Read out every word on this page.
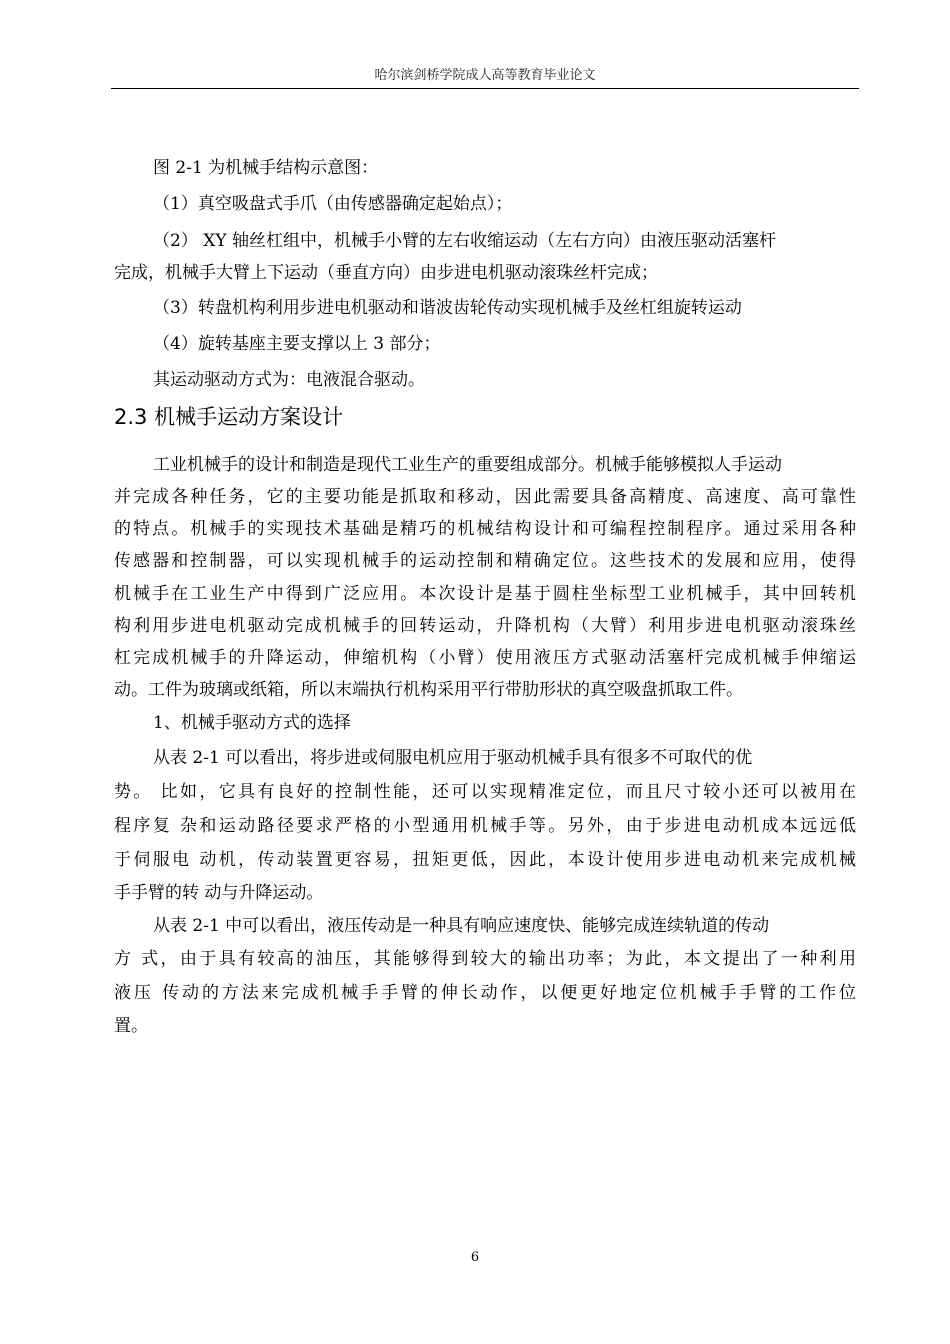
哈尔滨剑桥学院成人高等教育毕业论文
图 2-1 为机械手结构示意图：
（1）真空吸盘式手爪（由传感器确定起始点）；
（2） XY 轴丝杠组中，机械手小臂的左右收缩运动（左右方向）由液压驱动活塞杆
完成，机械手大臂上下运动（垂直方向）由步进电机驱动滚珠丝杆完成；
（3）转盘机构利用步进电机驱动和谐波齿轮传动实现机械手及丝杠组旋转运动
（4）旋转基座主要支撑以上 3 部分；
其运动驱动方式为：电液混合驱动。
2.3 机械手运动方案设计
工业机械手的设计和制造是现代工业生产的重要组成部分。机械手能够模拟人手运动
并完成各种任务，它的主要功能是抓取和移动，因此需要具备高精度、高速度、高可靠性
的特点。机械手的实现技术基础是精巧的机械结构设计和可编程控制程序。通过采用各种
传感器和控制器，可以实现机械手的运动控制和精确定位。这些技术的发展和应用，使得
机械手在工业生产中得到广泛应用。本次设计是基于圆柱坐标型工业机械手，其中回转机
构利用步进电机驱动完成机械手的回转运动，升降机构（大臂）利用步进电机驱动滚珠丝
杠完成机械手的升降运动，伸缩机构（小臂）使用液压方式驱动活塞杆完成机械手伸缩运
动。工件为玻璃或纸箱，所以末端执行机构采用平行带肋形状的真空吸盘抓取工件。
1、机械手驱动方式的选择
从表 2-1 可以看出，将步进或伺服电机应用于驱动机械手具有很多不可取代的优
势。 比如，它具有良好的控制性能，还可以实现精准定位，而且尺寸较小还可以被用在
程序复 杂和运动路径要求严格的小型通用机械手等。另外，由于步进电动机成本远远低
于伺服电 动机，传动装置更容易，扭矩更低，因此，本设计使用步进电动机来完成机械
手手臂的转 动与升降运动。
从表 2-1 中可以看出，液压传动是一种具有响应速度快、能够完成连续轨道的传动
方 式，由于具有较高的油压，其能够得到较大的输出功率；为此，本文提出了一种利用
液压 传动的方法来完成机械手手臂的伸长动作，以便更好地定位机械手手臂的工作位
置。
6
